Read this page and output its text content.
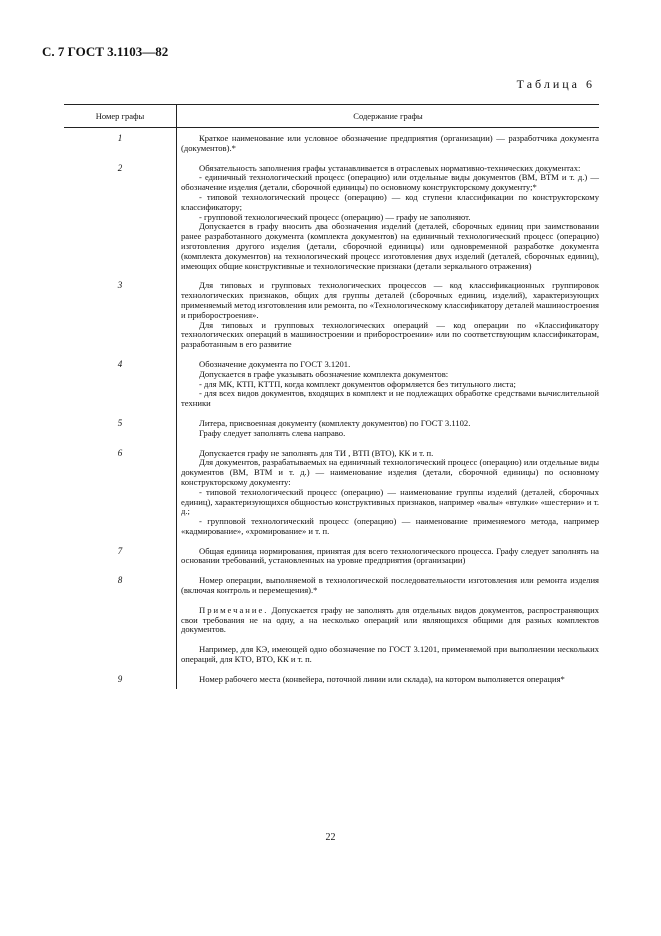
С. 7 ГОСТ 3.1103—82
Таблица 6
Номер графы	Содержание графы
1	Краткое наименование или условное обозначение предприятия (организации) — разработчика документа (документов).*

2	Обязательность заполнения графы устанавливается в отраслевых нормативно-технических документах:

- единичный технологический процесс (операцию) или отдельные виды документов (ВМ, ВТМ и т. д.) — обозначение изделия (детали, сборочной единицы) по основному конструкторскому документу;*

- типовой технологический процесс (операцию) — код ступени классификации по конструкторскому классификатору;

- групповой технологический процесс (операцию) — графу не заполняют.

Допускается в графу вносить два обозначения изделий (деталей, сборочных единиц при заимствовании ранее разработанного документа (комплекта документов) на единичный технологический процесс (операцию) изготовления другого изделия (детали, сборочной единицы) или одновременной разработке документа (комплекта документов) на технологический процесс изготовления двух изделий (деталей, сборочных единиц), имеющих общие конструктивные и технологические признаки (детали зеркального отражения)

3	Для типовых и групповых технологических процессов — код классификационных группировок технологических признаков, общих для группы деталей (сборочных единиц, изделий), характеризующих применяемый метод изготовления или ремонта, по «Технологическому классификатору деталей машиностроения и приборостроения».

Для типовых и групповых технологических операций — код операции по «Классификатору технологических операций в машиностроении и приборостроении» или по соответствующим классификаторам, разработанным в его развитие

4	Обозначение документа по ГОСТ 3.1201.

Допускается в графе указывать обозначение комплекта документов:

- для МК, КТП, КТТП, когда комплект документов оформляется без титульного листа;

- для всех видов документов, входящих в комплект и не подлежащих обработке средствами вычислительной техники

5	Литера, присвоенная документу (комплекту документов) по ГОСТ 3.1102.

Графу следует заполнять слева направо.

6	Допускается графу не заполнять для ТИ , ВТП (ВТО), КК и т. п.

Для документов, разрабатываемых на единичный технологический процесс (операцию) или отдельные виды документов (ВМ, ВТМ и т. д.) — наименование изделия (детали, сборочной единицы) по основному конструкторскому документу:

- типовой технологический процесс (операцию) — наименование группы изделий (деталей, сборочных единиц), характеризующихся общностью конструктивных признаков, например «валы» «втулки» «шестерни» и т. д.;

- групповой технологический процесс (операцию) — наименование применяемого метода, например «кадмирование», «хромирование» и т. п.

7	Общая единица нормирования, принятая для всего технологического процесса. Графу следует заполнять на основании требований, установленных на уровне предприятия (организации)

8	Номер операции, выполняемой в технологической последовательности изготовления или ремонта изделия (включая контроль и перемещения).*

Примечание. Допускается графу не заполнять для отдельных видов документов, распространяющих свои требования не на одну, а на несколько операций или являющихся общими для разных комплектов документов.

Например, для КЭ, имеющей одно обозначение по ГОСТ 3.1201, применяемой при выполнении нескольких операций, для КТО, ВТО, КК и т. п.

9	Номер рабочего места (конвейера, поточной линии или склада), на котором выполняется операция*

22
